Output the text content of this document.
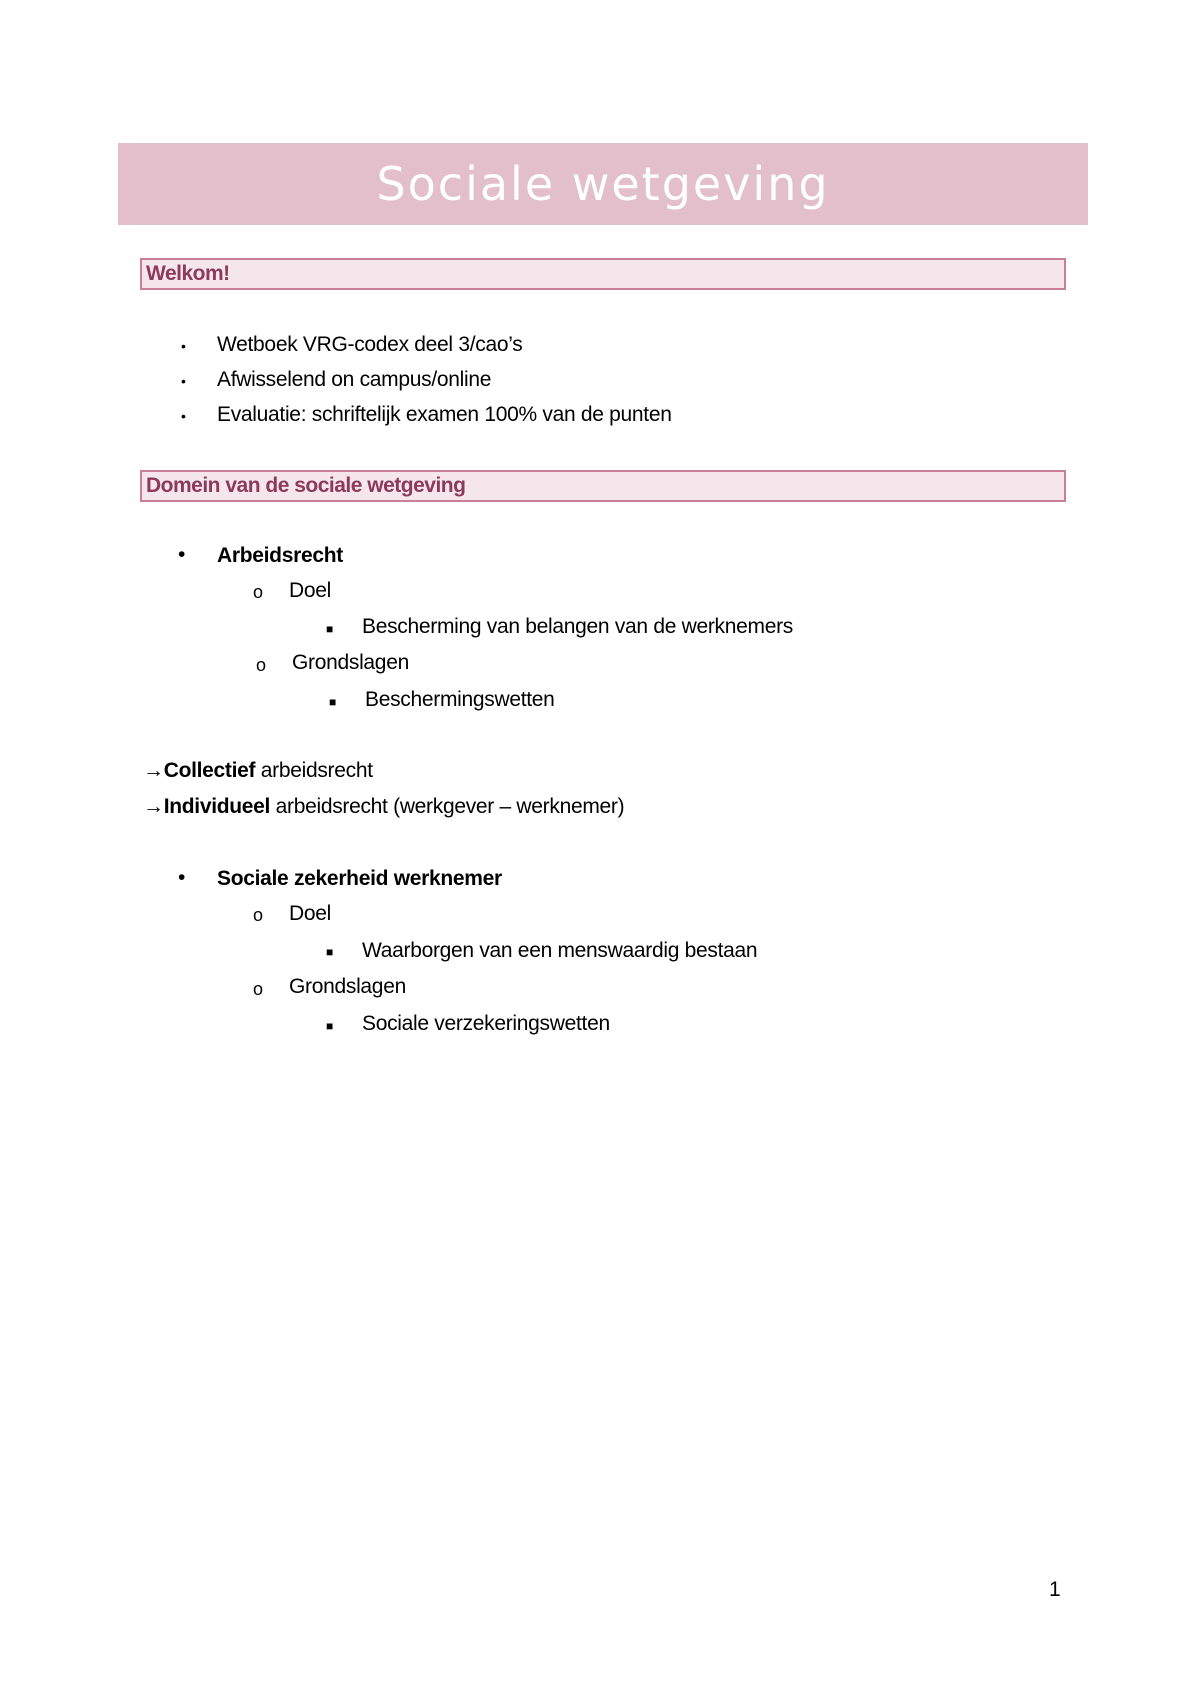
Sociale wetgeving
Welkom!
• Wetboek VRG-codex deel 3/cao’s
• Afwisselend on campus/online
• Evaluatie: schriftelijk examen 100% van de punten
Domein van de sociale wetgeving
• Arbeidsrecht
o Doel
■ Bescherming van belangen van de werknemers
o Grondslagen
■ Beschermingswetten
→Collectief arbeidsrecht
→Individueel arbeidsrecht (werkgever – werknemer)
• Sociale zekerheid werknemer
o Doel
■ Waarborgen van een menswaardig bestaan
o Grondslagen
■ Sociale verzekeringswetten
1
